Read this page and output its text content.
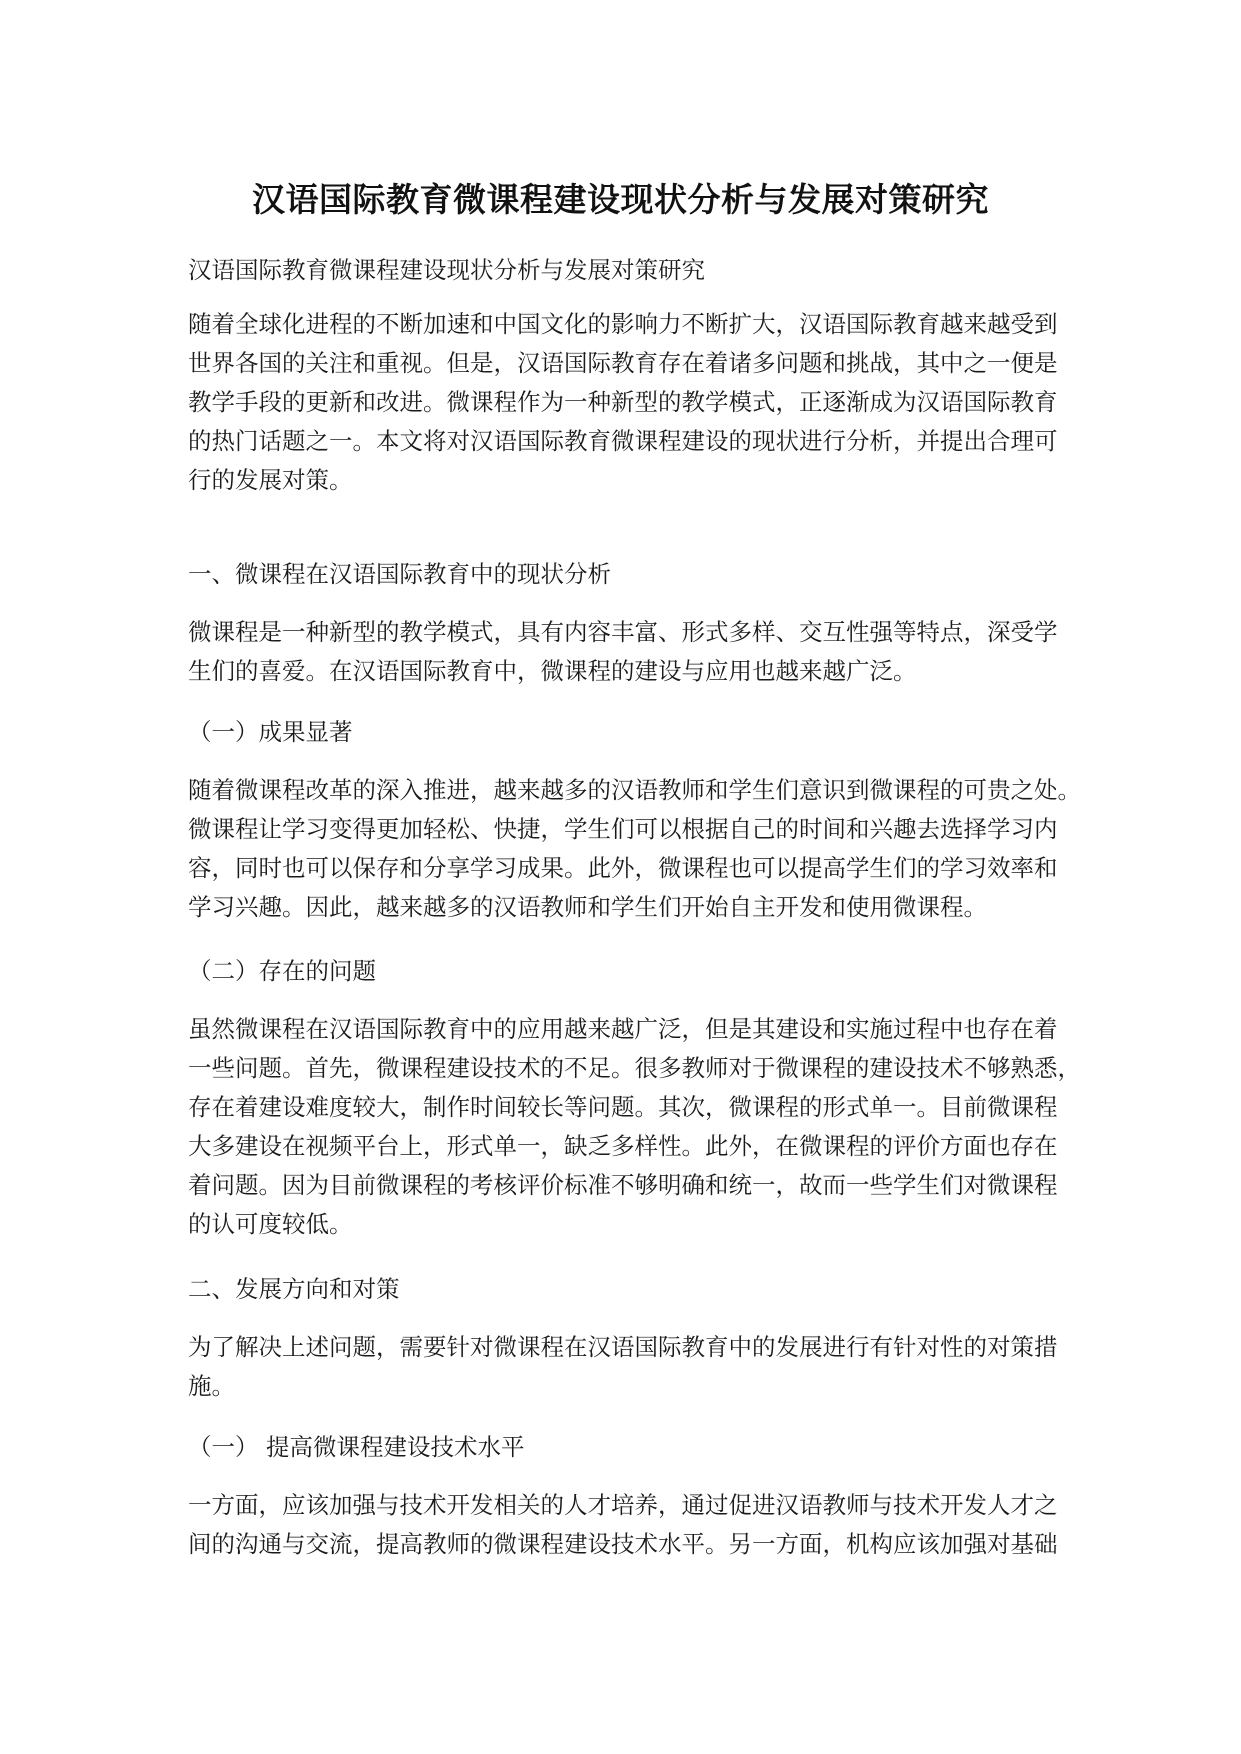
汉语国际教育微课程建设现状分析与发展对策研究
汉语国际教育微课程建设现状分析与发展对策研究
随着全球化进程的不断加速和中国文化的影响力不断扩大，汉语国际教育越来越受到
世界各国的关注和重视。但是，汉语国际教育存在着诸多问题和挑战，其中之一便是
教学手段的更新和改进。微课程作为一种新型的教学模式，正逐渐成为汉语国际教育
的热门话题之一。本文将对汉语国际教育微课程建设的现状进行分析，并提出合理可
行的发展对策。
一、微课程在汉语国际教育中的现状分析
微课程是一种新型的教学模式，具有内容丰富、形式多样、交互性强等特点，深受学
生们的喜爱。在汉语国际教育中，微课程的建设与应用也越来越广泛。
（一）成果显著
随着微课程改革的深入推进，越来越多的汉语教师和学生们意识到微课程的可贵之处。
微课程让学习变得更加轻松、快捷，学生们可以根据自己的时间和兴趣去选择学习内
容，同时也可以保存和分享学习成果。此外，微课程也可以提高学生们的学习效率和
学习兴趣。因此，越来越多的汉语教师和学生们开始自主开发和使用微课程。
（二）存在的问题
虽然微课程在汉语国际教育中的应用越来越广泛，但是其建设和实施过程中也存在着
一些问题。首先，微课程建设技术的不足。很多教师对于微课程的建设技术不够熟悉，
存在着建设难度较大，制作时间较长等问题。其次，微课程的形式单一。目前微课程
大多建设在视频平台上，形式单一，缺乏多样性。此外，在微课程的评价方面也存在
着问题。因为目前微课程的考核评价标准不够明确和统一，故而一些学生们对微课程
的认可度较低。
二、发展方向和对策
为了解决上述问题，需要针对微课程在汉语国际教育中的发展进行有针对性的对策措
施。
（一） 提高微课程建设技术水平
一方面，应该加强与技术开发相关的人才培养，通过促进汉语教师与技术开发人才之
间的沟通与交流，提高教师的微课程建设技术水平。另一方面，机构应该加强对基础
